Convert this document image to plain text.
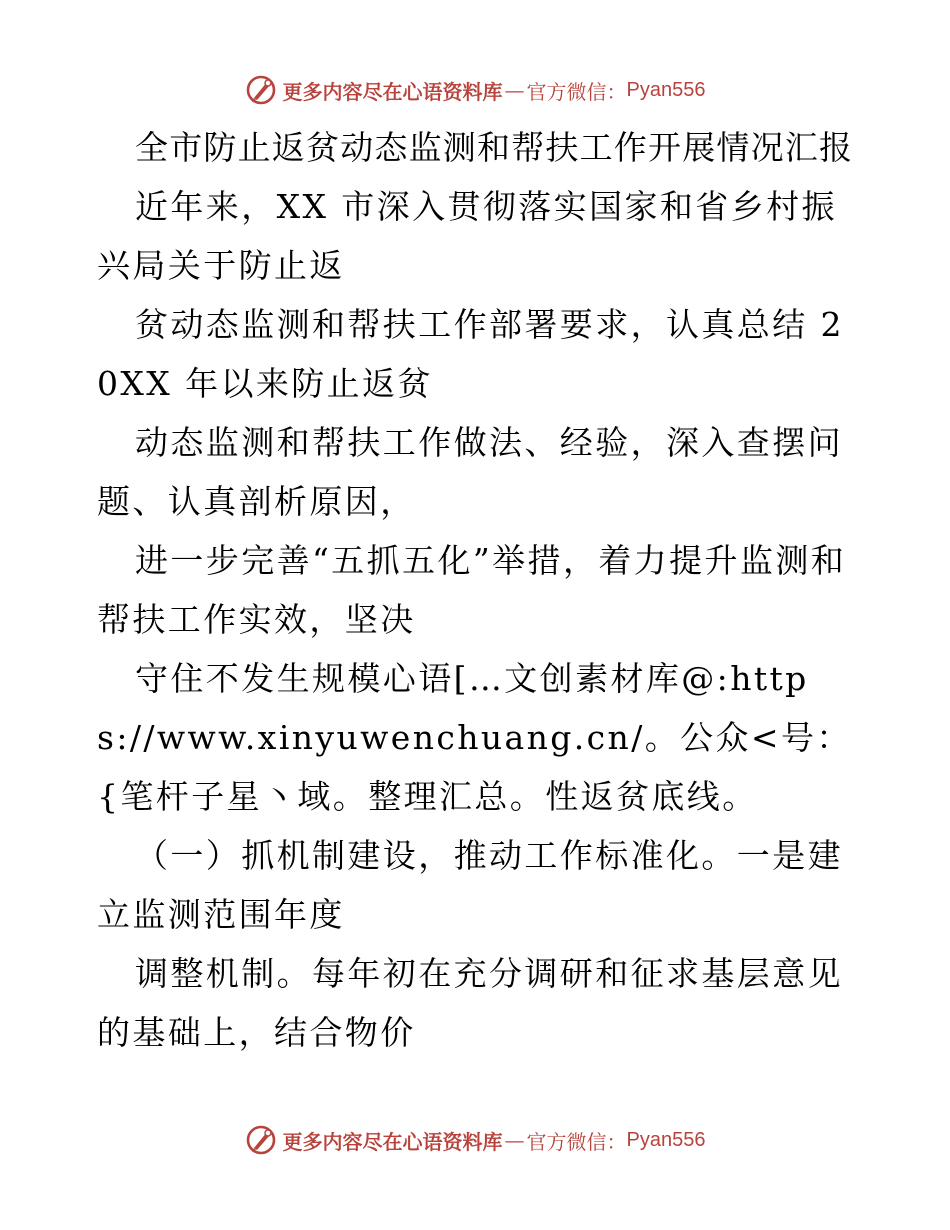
更多内容尽在心语资料库 — 官方微信： Pyan556

全市防止返贫动态监测和帮扶工作开展情况汇报

近年来，XX 市深入贯彻落实国家和省乡村振兴局关于防止返

贫动态监测和帮扶工作部署要求，认真总结 20XX 年以来防止返贫

动态监测和帮扶工作做法、经验，深入查摆问题、认真剖析原因，

进一步完善“五抓五化”举措，着力提升监测和帮扶工作实效，坚决

守住不发生规模心语[…文创素材库@:https://www.xinyuwenchuang.cn/。公众<号：{笔杆子星丶域。整理汇总。性返贫底线。

（一）抓机制建设，推动工作标准化。一是建立监测范围年度

调整机制。每年初在充分调研和征求基层意见的基础上，结合物价

更多内容尽在心语资料库 — 官方微信： Pyan556
